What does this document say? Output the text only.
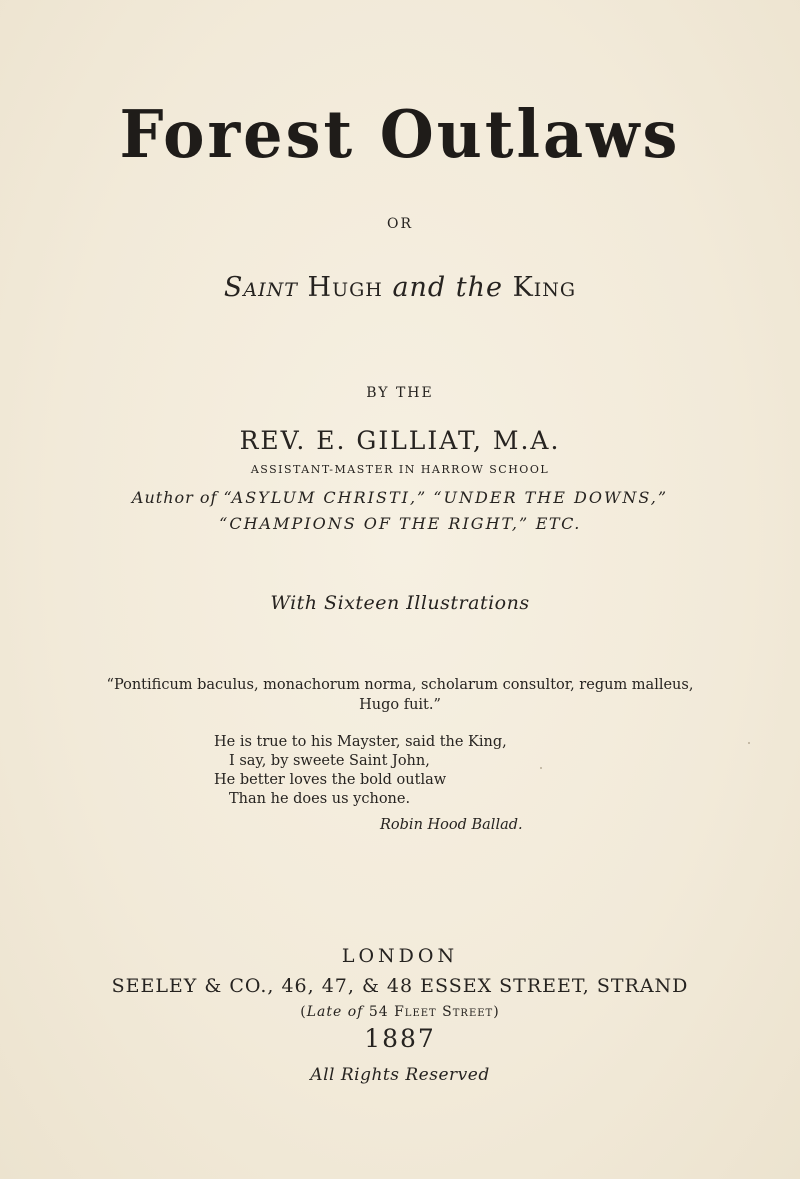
Forest Outlaws
OR
Saint Hugh and the King
BY THE
REV. E. GILLIAT, M.A.
ASSISTANT-MASTER IN HARROW SCHOOL
Author of “ASYLUM CHRISTI,” “UNDER THE DOWNS,”
“CHAMPIONS OF THE RIGHT,” ETC.
With Sixteen Illustrations
“Pontificum baculus, monachorum norma, scholarum consultor, regum malleus,
Hugo fuit.”
He is true to his Mayster, said the King,
I say, by sweete Saint John,
He better loves the bold outlaw
Than he does us ychone.
Robin Hood Ballad.
LONDON
SEELEY & CO., 46, 47, & 48 ESSEX STREET, STRAND
(Late of 54 Fleet Street)
1887
All Rights Reserved
